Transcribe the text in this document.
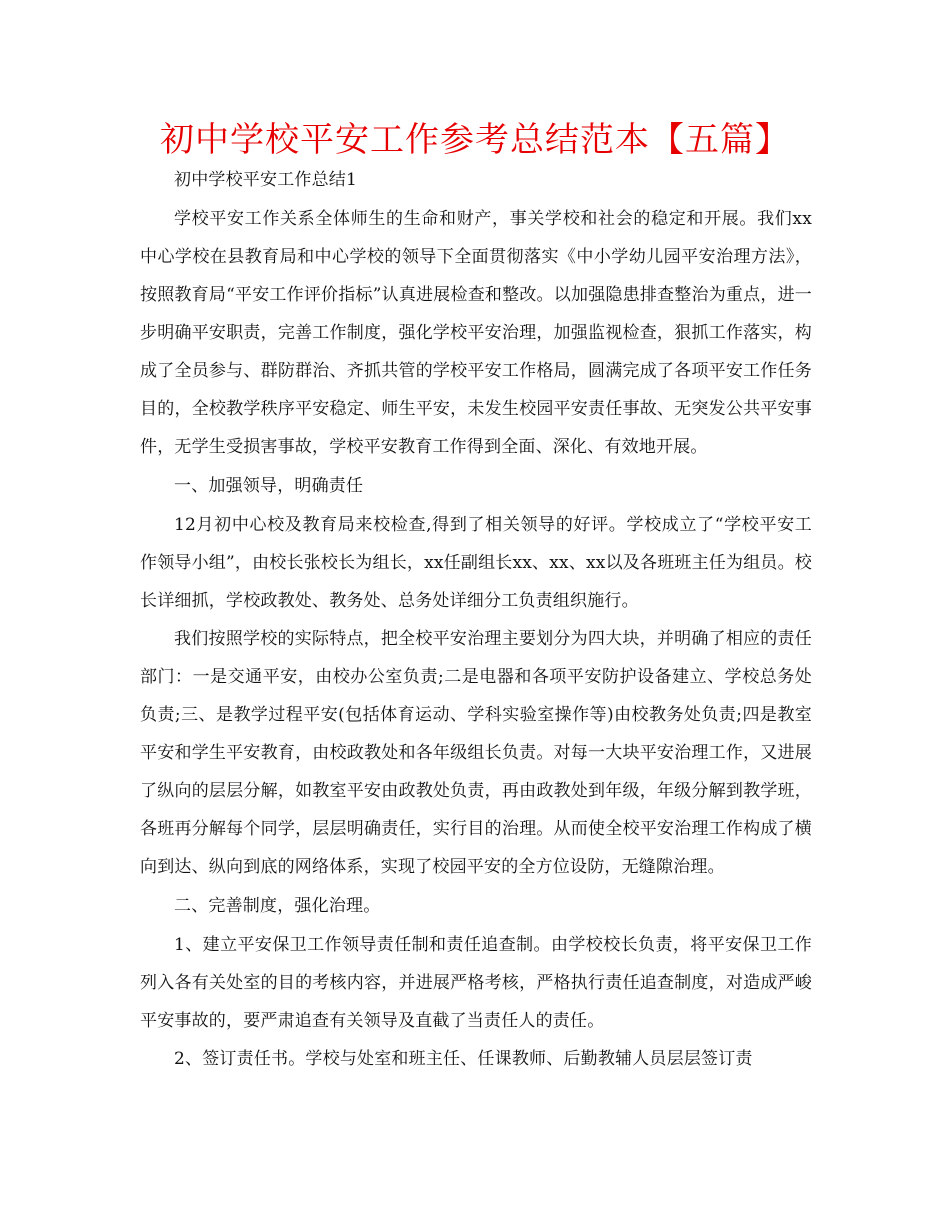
初中学校平安工作参考总结范本【五篇】

初中学校平安工作总结1

学校平安工作关系全体师生的生命和财产，事关学校和社会的稳定和开展。我们xx中心学校在县教育局和中心学校的领导下全面贯彻落实《中小学幼儿园平安治理方法》，按照教育局“平安工作评价指标”认真进展检查和整改。以加强隐患排查整治为重点，进一步明确平安职责，完善工作制度，强化学校平安治理，加强监视检查，狠抓工作落实，构成了全员参与、群防群治、齐抓共管的学校平安工作格局，圆满完成了各项平安工作任务目的，全校教学秩序平安稳定、师生平安，未发生校园平安责任事故、无突发公共平安事件，无学生受损害事故，学校平安教育工作得到全面、深化、有效地开展。

一、加强领导，明确责任

12月初中心校及教育局来校检查,得到了相关领导的好评。学校成立了“学校平安工作领导小组”，由校长张校长为组长，xx任副组长xx、xx、xx以及各班班主任为组员。校长详细抓，学校政教处、教务处、总务处详细分工负责组织施行。

我们按照学校的实际特点，把全校平安治理主要划分为四大块，并明确了相应的责任部门：一是交通平安，由校办公室负责;二是电器和各项平安防护设备建立、学校总务处负责;三、是教学过程平安(包括体育运动、学科实验室操作等)由校教务处负责;四是教室平安和学生平安教育，由校政教处和各年级组长负责。对每一大块平安治理工作，又进展了纵向的层层分解，如教室平安由政教处负责，再由政教处到年级，年级分解到教学班，各班再分解每个同学，层层明确责任，实行目的治理。从而使全校平安治理工作构成了横向到达、纵向到底的网络体系，实现了校园平安的全方位设防，无缝隙治理。

二、完善制度，强化治理。

1、建立平安保卫工作领导责任制和责任追查制。由学校校长负责，将平安保卫工作列入各有关处室的目的考核内容，并进展严格考核，严格执行责任追查制度，对造成严峻平安事故的，要严肃追查有关领导及直截了当责任人的责任。

2、签订责任书。学校与处室和班主任、任课教师、后勤教辅人员层层签订责
